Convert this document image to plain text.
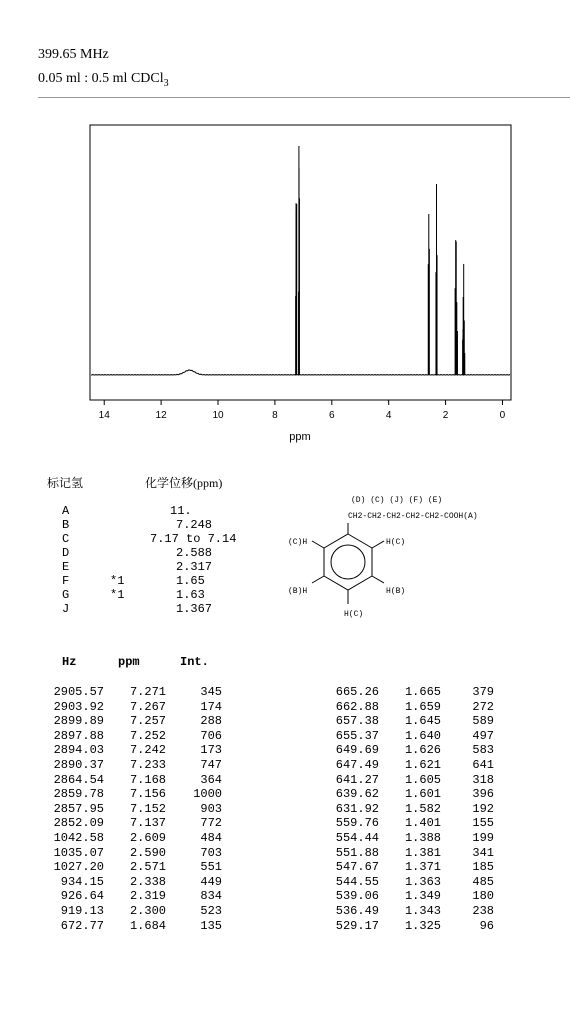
399.65 MHz
0.05 ml : 0.5 ml CDCl$_3$
14	12	10	8	6	4	2	0
ppm
标记氢	化学位移(ppm)
A	11.
B	7.248
C	7.17 to 7.14
D	2.588
E	2.317
F	*1	1.65
G	*1	1.63
J	1.367
(D) (C) (J) (F) (E)
CH2-CH2-CH2-CH2-CH2-COOH(A)
(C)H	H(C)
(B)H	H(B)
H(C)
Hz	ppm	Int.
2905.57 7.271	345
2903.92 7.267	174
2899.89 7.257	288
2897.88 7.252	706
2894.03 7.242	173
2890.37 7.233	747
2864.54 7.168	364
2859.78 7.156 1000
2857.95 7.152	903
2852.09 7.137	772
1042.58 2.609	484
1035.07 2.590	703
1027.20 2.571	551
934.15 2.338	449
926.64 2.319	834
919.13 2.300	523
672.77 1.684	135
665.26 1.665	379
662.88 1.659	272
657.38 1.645	589
655.37 1.640	497
649.69 1.626	583
647.49 1.621	641
641.27 1.605	318
639.62 1.601	396
631.92 1.582	192
559.76 1.401	155
554.44 1.388	199
551.88 1.381	341
547.67 1.371	185
544.55 1.363	485
539.06 1.349	180
536.49 1.343	238
529.17 1.325	96
